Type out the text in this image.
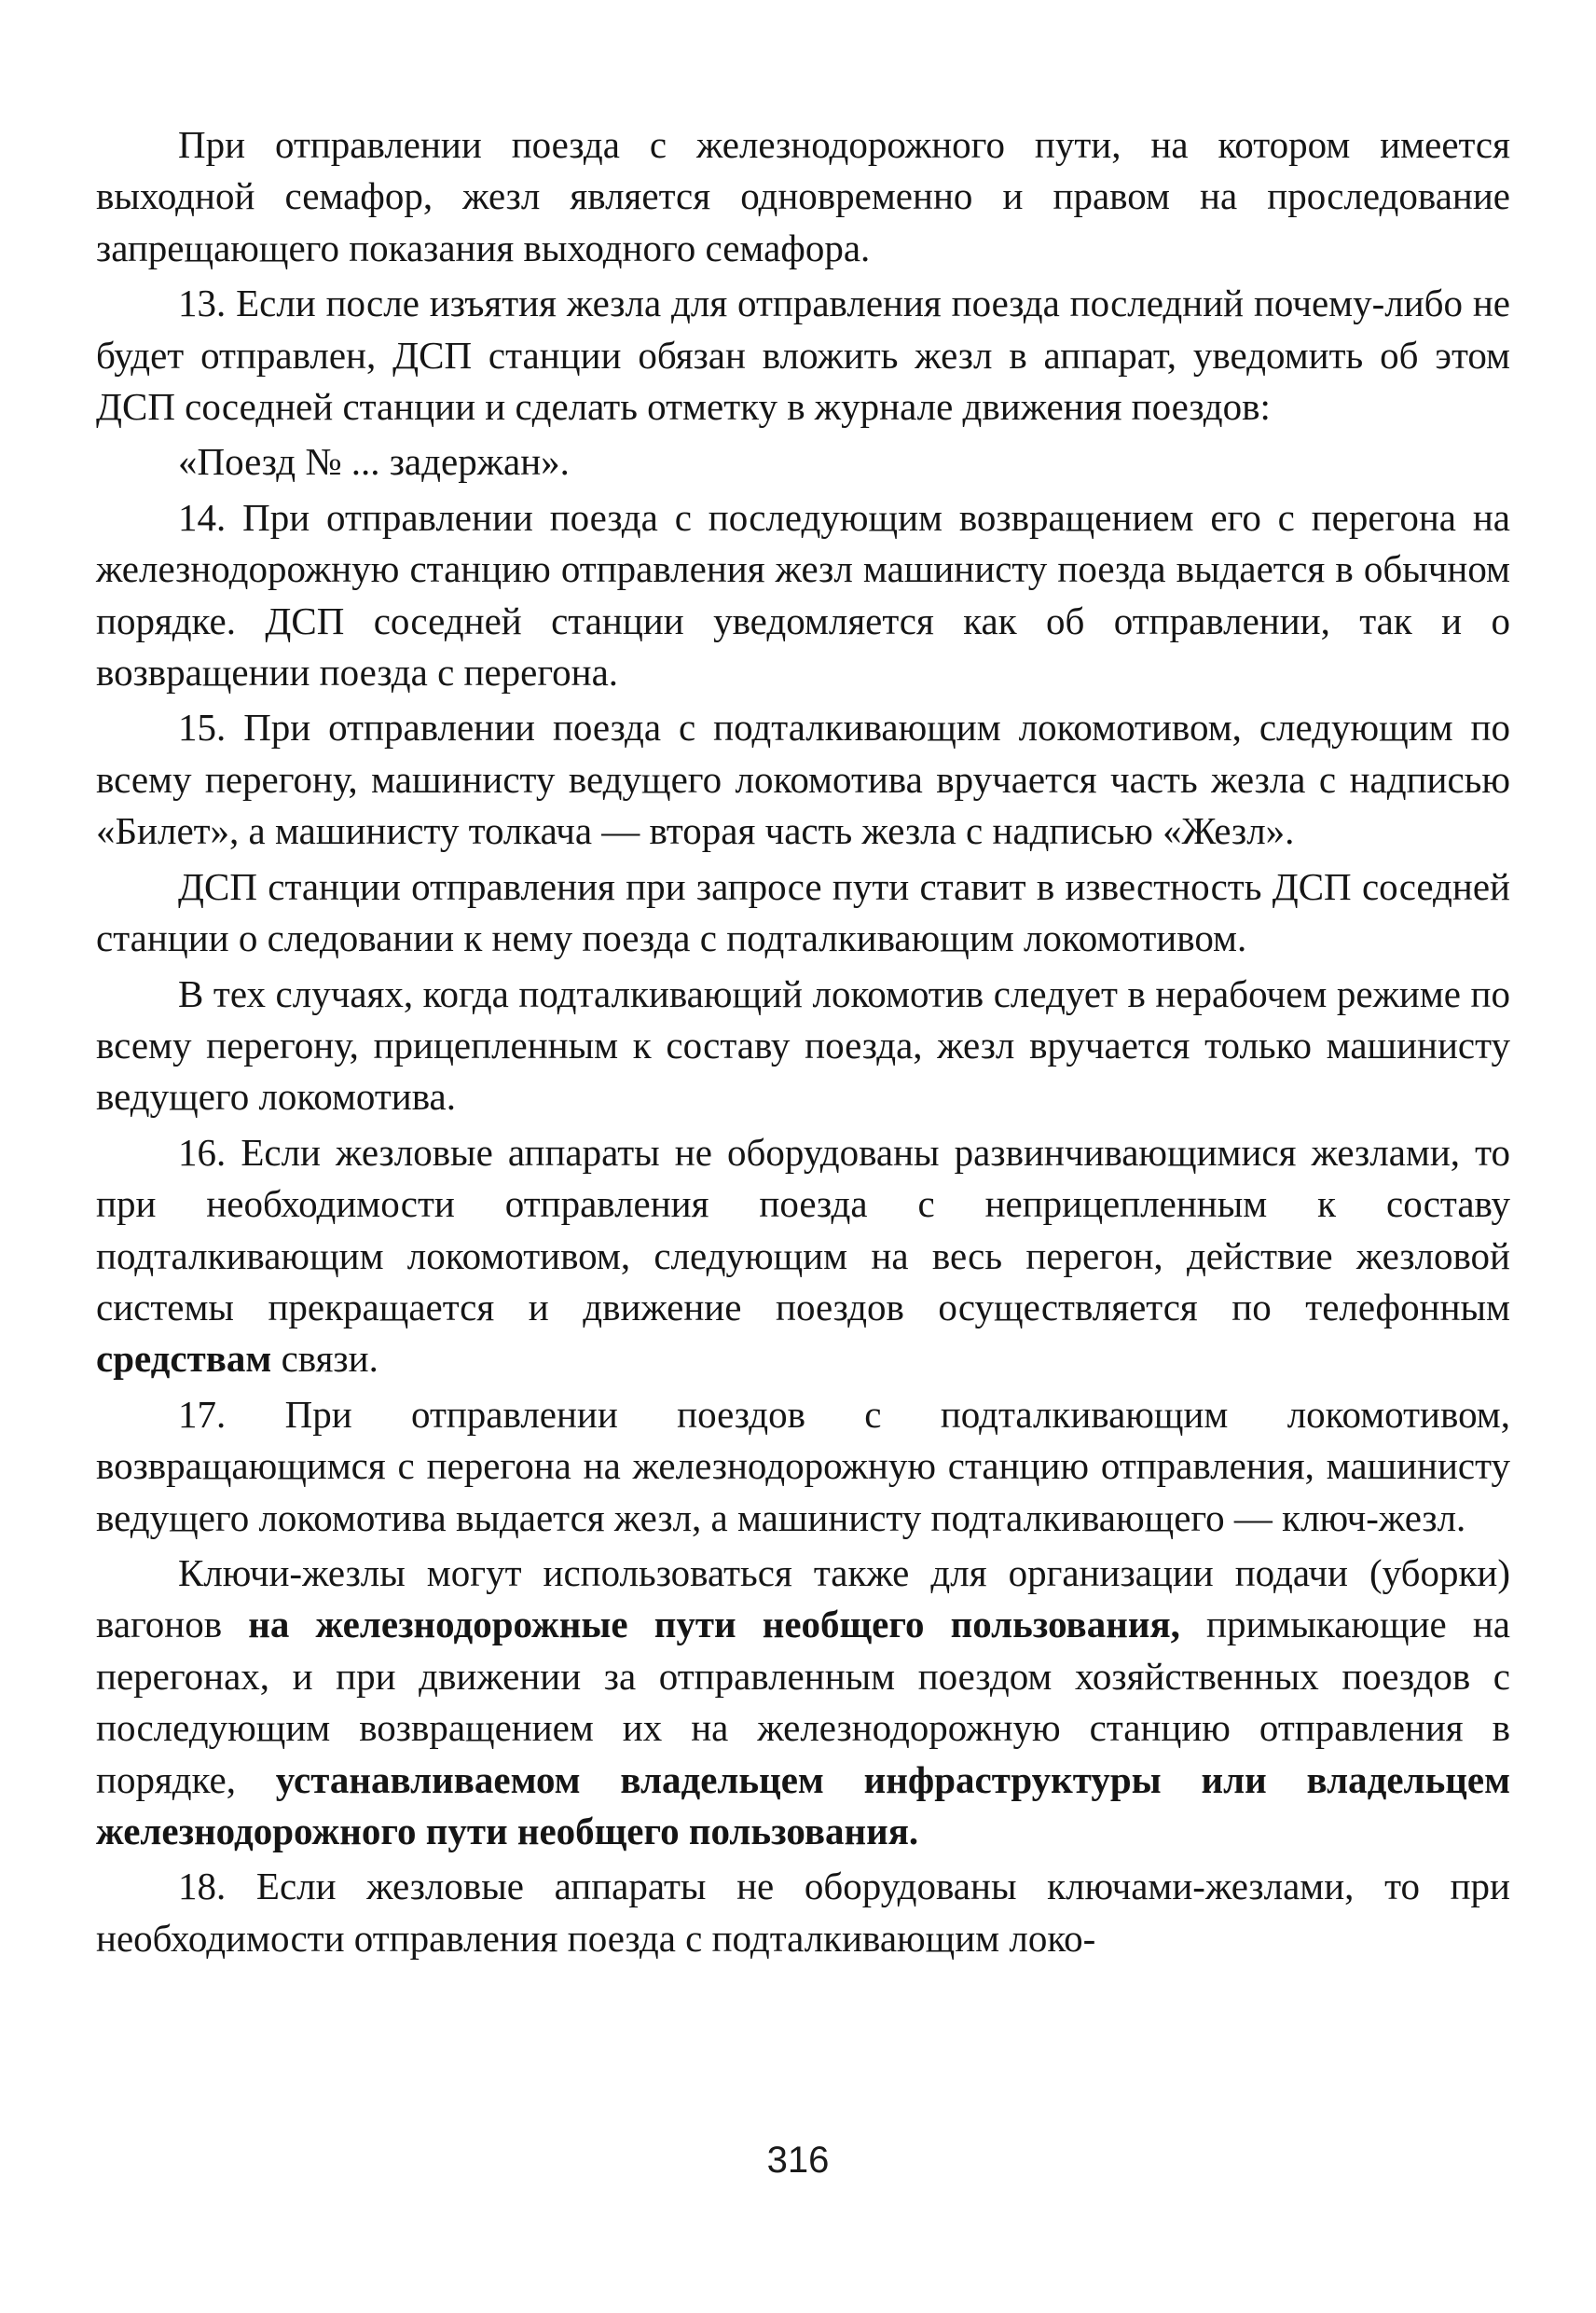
При отправлении поезда с железнодорожного пути, на котором имеется выходной семафор, жезл является одновременно и правом на проследование запрещающего показания выходного семафора.

13. Если после изъятия жезла для отправления поезда последний почему-либо не будет отправлен, ДСП станции обязан вложить жезл в аппарат, уведомить об этом ДСП соседней станции и сделать отметку в журнале движения поездов:

«Поезд № ... задержан».

14. При отправлении поезда с последующим возвращением его с перегона на железнодорожную станцию отправления жезл машинисту поезда выдается в обычном порядке. ДСП соседней станции уведомляется как об отправлении, так и о возвращении поезда с перегона.

15. При отправлении поезда с подталкивающим локомотивом, следующим по всему перегону, машинисту ведущего локомотива вручается часть жезла с надписью «Билет», а машинисту толкача — вторая часть жезла с надписью «Жезл».

ДСП станции отправления при запросе пути ставит в известность ДСП соседней станции о следовании к нему поезда с подталкивающим локомотивом.

В тех случаях, когда подталкивающий локомотив следует в нерабочем режиме по всему перегону, прицепленным к составу поезда, жезл вручается только машинисту ведущего локомотива.

16. Если жезловые аппараты не оборудованы развинчивающимися жезлами, то при необходимости отправления поезда с неприцепленным к составу подталкивающим локомотивом, следующим на весь перегон, действие жезловой системы прекращается и движение поездов осуществляется по телефонным средствам связи.

17. При отправлении поездов с подталкивающим локомотивом, возвращающимся с перегона на железнодорожную станцию отправления, машинисту ведущего локомотива выдается жезл, а машинисту подталкивающего — ключ-жезл.

Ключи-жезлы могут использоваться также для организации подачи (уборки) вагонов на железнодорожные пути необщего пользования, примыкающие на перегонах, и при движении за отправленным поездом хозяйственных поездов с последующим возвращением их на железнодорожную станцию отправления в порядке, устанавливаемом владельцем инфраструктуры или владельцем железнодорожного пути необщего пользования.

18. Если жезловые аппараты не оборудованы ключами-жезлами, то при необходимости отправления поезда с подталкивающим локо-

316
